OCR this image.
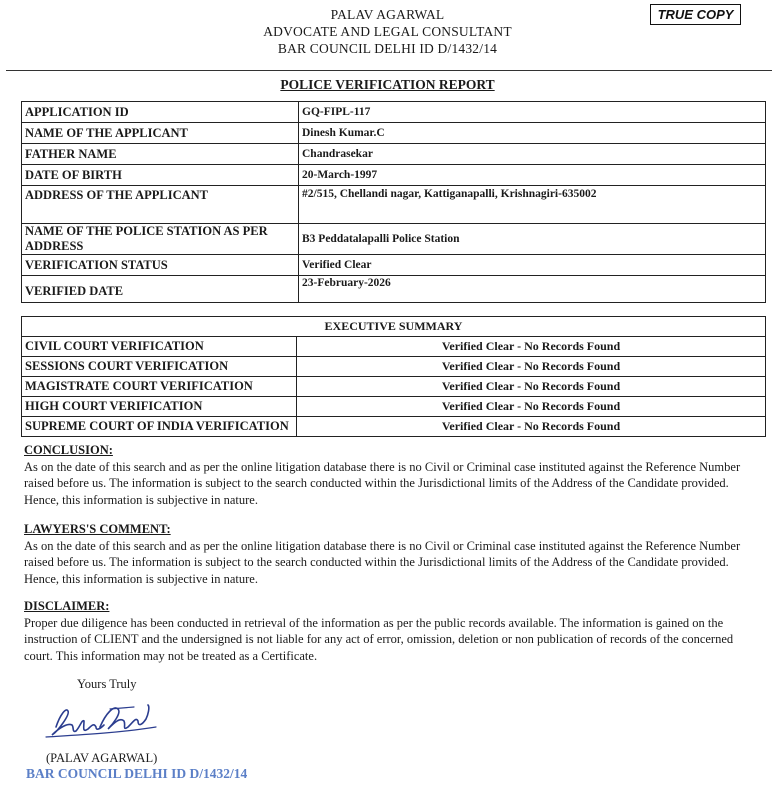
PALAV AGARWAL
ADVOCATE AND LEGAL CONSULTANT
BAR COUNCIL DELHI ID D/1432/14
TRUE COPY
POLICE VERIFICATION REPORT
APPLICATION ID	GQ-FIPL-117
NAME OF THE APPLICANT	Dinesh Kumar.C
FATHER NAME	Chandrasekar
DATE OF BIRTH	20-March-1997
ADDRESS OF THE APPLICANT	#2/515, Chellandi nagar, Kattiganapalli, Krishnagiri-635002
NAME OF THE POLICE STATION AS PER ADDRESS	B3 Peddatalapalli Police Station
VERIFICATION STATUS	Verified Clear
VERIFIED DATE	23-February-2026
EXECUTIVE SUMMARY	
CIVIL COURT VERIFICATION	Verified Clear - No Records Found
SESSIONS COURT VERIFICATION	Verified Clear - No Records Found
MAGISTRATE COURT VERIFICATION	Verified Clear - No Records Found
HIGH COURT VERIFICATION	Verified Clear - No Records Found
SUPREME COURT OF INDIA VERIFICATION	Verified Clear - No Records Found
CONCLUSION:
As on the date of this search and as per the online litigation database there is no Civil or Criminal case instituted against the Reference Number raised before us. The information is subject to the search conducted within the Jurisdictional limits of the Address of the Candidate provided. Hence, this information is subjective in nature.
LAWYERS'S COMMENT:
As on the date of this search and as per the online litigation database there is no Civil or Criminal case instituted against the Reference Number raised before us. The information is subject to the search conducted within the Jurisdictional limits of the Address of the Candidate provided. Hence, this information is subjective in nature.
DISCLAIMER:
Proper due diligence has been conducted in retrieval of the information as per the public records available. The information is gained on the instruction of CLIENT and the undersigned is not liable for any act of error, omission, deletion or non publication of records of the concerned court. This information may not be treated as a Certificate.
Yours Truly
(PALAV AGARWAL)
BAR COUNCIL DELHI ID D/1432/14
